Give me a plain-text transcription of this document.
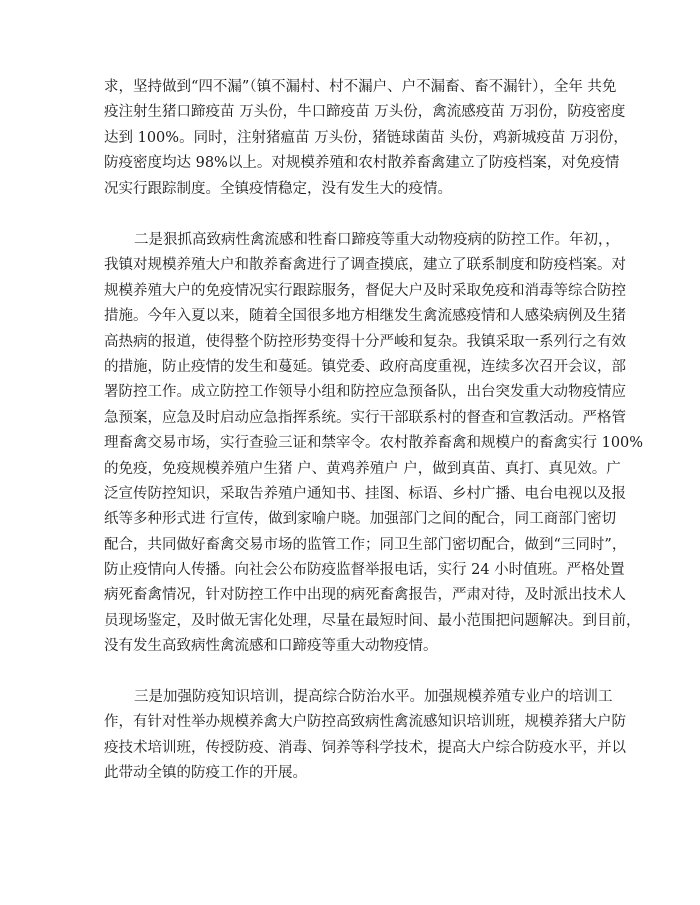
求，坚持做到“四不漏”（镇不漏村、村不漏户、户不漏畜、畜不漏针），全年 共免
疫注射生猪口蹄疫苗 万头份，牛口蹄疫苗 万头份，禽流感疫苗 万羽份，防疫密度
达到 100%。同时，注射猪瘟苗 万头份，猪链球菌苗 头份，鸡新城疫苗 万羽份，
防疫密度均达 98%以上。对规模养殖和农村散养畜禽建立了防疫档案，对免疫情
况实行跟踪制度。全镇疫情稳定，没有发生大的疫情。
二是狠抓高致病性禽流感和牲畜口蹄疫等重大动物疫病的防控工作。年初，，
我镇对规模养殖大户和散养畜禽进行了调查摸底，建立了联系制度和防疫档案。对
规模养殖大户的免疫情况实行跟踪服务，督促大户及时采取免疫和消毒等综合防控
措施。今年入夏以来，随着全国很多地方相继发生禽流感疫情和人感染病例及生猪
高热病的报道，使得整个防控形势变得十分严峻和复杂。我镇采取一系列行之有效
的措施，防止疫情的发生和蔓延。镇党委、政府高度重视，连续多次召开会议，部
署防控工作。成立防控工作领导小组和防控应急预备队，出台突发重大动物疫情应
急预案，应急及时启动应急指挥系统。实行干部联系村的督查和宣教活动。严格管
理畜禽交易市场，实行查验三证和禁宰令。农村散养畜禽和规模户的畜禽实行 100%
的免疫，免疫规模养殖户生猪 户、黄鸡养殖户 户，做到真苗、真打、真见效。广
泛宣传防控知识，采取告养殖户通知书、挂图、标语、乡村广播、电台电视以及报
纸等多种形式进 行宣传，做到家喻户晓。加强部门之间的配合，同工商部门密切
配合，共同做好畜禽交易市场的监管工作；同卫生部门密切配合，做到“三同时”，
防止疫情向人传播。向社会公布防疫监督举报电话，实行 24 小时值班。严格处置
病死畜禽情况，针对防控工作中出现的病死畜禽报告，严肃对待，及时派出技术人
员现场鉴定，及时做无害化处理，尽量在最短时间、最小范围把问题解决。到目前，
没有发生高致病性禽流感和口蹄疫等重大动物疫情。
三是加强防疫知识培训，提高综合防治水平。加强规模养殖专业户的培训工
作，有针对性举办规模养禽大户防控高致病性禽流感知识培训班，规模养猪大户防
疫技术培训班，传授防疫、消毒、饲养等科学技术，提高大户综合防疫水平，并以
此带动全镇的防疫工作的开展。
